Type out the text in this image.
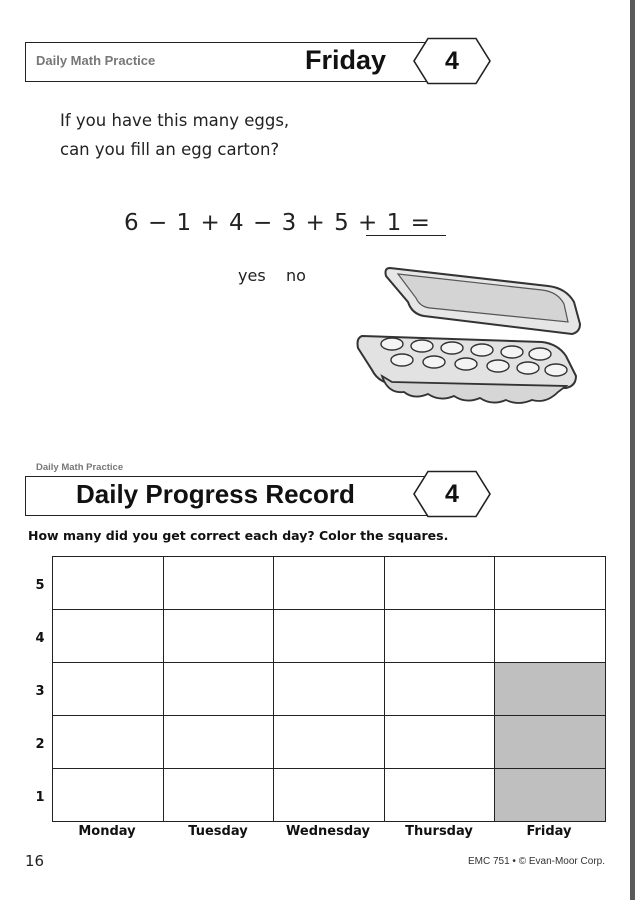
Daily Math Practice	Friday	4
If you have this many eggs,
can you fill an egg carton?
6 − 1 + 4 − 3 + 5 + 1 =
yes no
Daily Math Practice
Daily Progress Record	4
How many did you get correct each day? Color the squares.
5
4
3
2
1
Monday	Tuesday	Wednesday	Thursday	Friday
16	EMC 751 • © Evan-Moor Corp.
